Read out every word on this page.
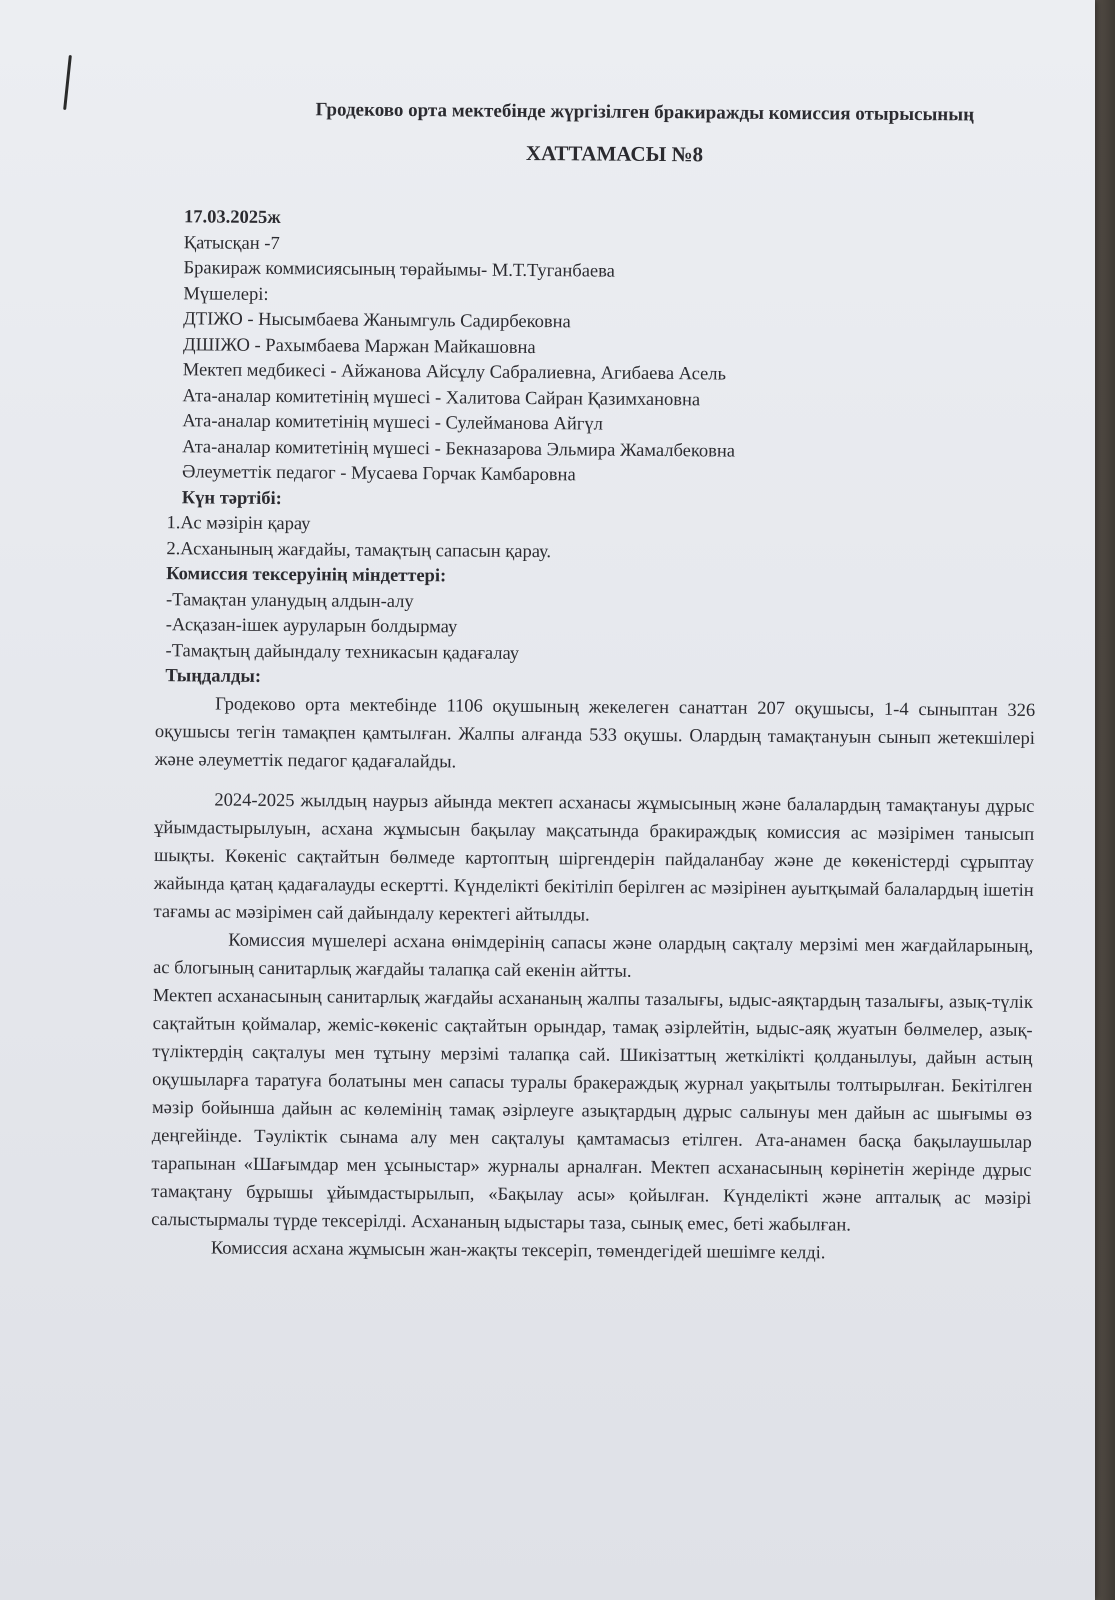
Гродеково орта мектебінде жүргізілген бракиражды комиссия отырысының
ХАТТАМАСЫ №8
17.03.2025ж
Қатысқан -7
Бракираж коммисиясының төрайымы- М.Т.Туганбаева
Мүшелері:
ДТІЖО - Нысымбаева Жанымгуль Садирбековна
ДШІЖО - Рахымбаева Маржан Майкашовна
Мектеп медбикесі - Айжанова Айсұлу Сабралиевна, Агибаева Асель
Ата-аналар комитетінің мүшесі - Халитова Сайран Қазимхановна
Ата-аналар комитетінің мүшесі - Сулейманова Айгүл
Ата-аналар комитетінің мүшесі - Бекназарова Эльмира Жамалбековна
Әлеуметтік педагог - Мусаева Горчак Камбаровна
Күн тәртібі:
1.Ас мәзірін қарау
2.Асханының жағдайы, тамақтың сапасын қарау.
Комиссия тексеруінің міндеттері:
-Тамақтан уланудың алдын-алу
-Асқазан-ішек ауруларын болдырмау
-Тамақтың дайындалу техникасын қадағалау
Тыңдалды:

Гродеково орта мектебінде 1106 оқушының жекелеген санаттан 207 оқушысы, 1-4 сыныптан 326 оқушысы тегін тамақпен қамтылған. Жалпы алғанда 533 оқушы. Олардың тамақтануын сынып жетекшілері және әлеуметтік педагог қадағалайды.

2024-2025 жылдың наурыз айында мектеп асханасы жұмысының және балалардың тамақтануы дұрыс ұйымдастырылуын, асхана жұмысын бақылау мақсатында бракираждық комиссия ас мәзірімен танысып шықты. Көкеніс сақтайтын бөлмеде картоптың шіргендерін пайдаланбау және де көкеністерді сұрыптау жайында қатаң қадағалауды ескертті. Күнделікті бекітіліп берілген ас мәзірінен ауытқымай балалардың ішетін тағамы ас мәзірімен сай дайындалу керектегі айтылды.

Комиссия мүшелері асхана өнімдерінің сапасы және олардың сақталу мерзімі мен жағдайларының, ас блогының санитарлық жағдайы талапқа сай екенін айтты.

Мектеп асханасының санитарлық жағдайы асхананың жалпы тазалығы, ыдыс-аяқтардың тазалығы, азық-түлік сақтайтын қоймалар, жеміс-көкеніс сақтайтын орындар, тамақ әзірлейтін, ыдыс-аяқ жуатын бөлмелер, азық-түліктердің сақталуы мен тұтыну мерзімі талапқа сай. Шикізаттың жеткілікті қолданылуы, дайын астың оқушыларға таратуға болатыны мен сапасы туралы бракераждық журнал уақытылы толтырылған. Бекітілген мәзір бойынша дайын ас көлемінің тамақ әзірлеуге азықтардың дұрыс салынуы мен дайын ас шығымы өз деңгейінде. Тәуліктік сынама алу мен сақталуы қамтамасыз етілген. Ата-анамен басқа бақылаушылар тарапынан «Шағымдар мен ұсыныстар» журналы арналған. Мектеп асханасының көрінетін жерінде дұрыс тамақтану бұрышы ұйымдастырылып, «Бақылау асы» қойылған. Күнделікті және апталық ас мәзірі салыстырмалы түрде тексерілді. Асхананың ыдыстары таза, сынық емес, беті жабылған.

Комиссия асхана жұмысын жан-жақты тексеріп, төмендегідей шешімге келді.
